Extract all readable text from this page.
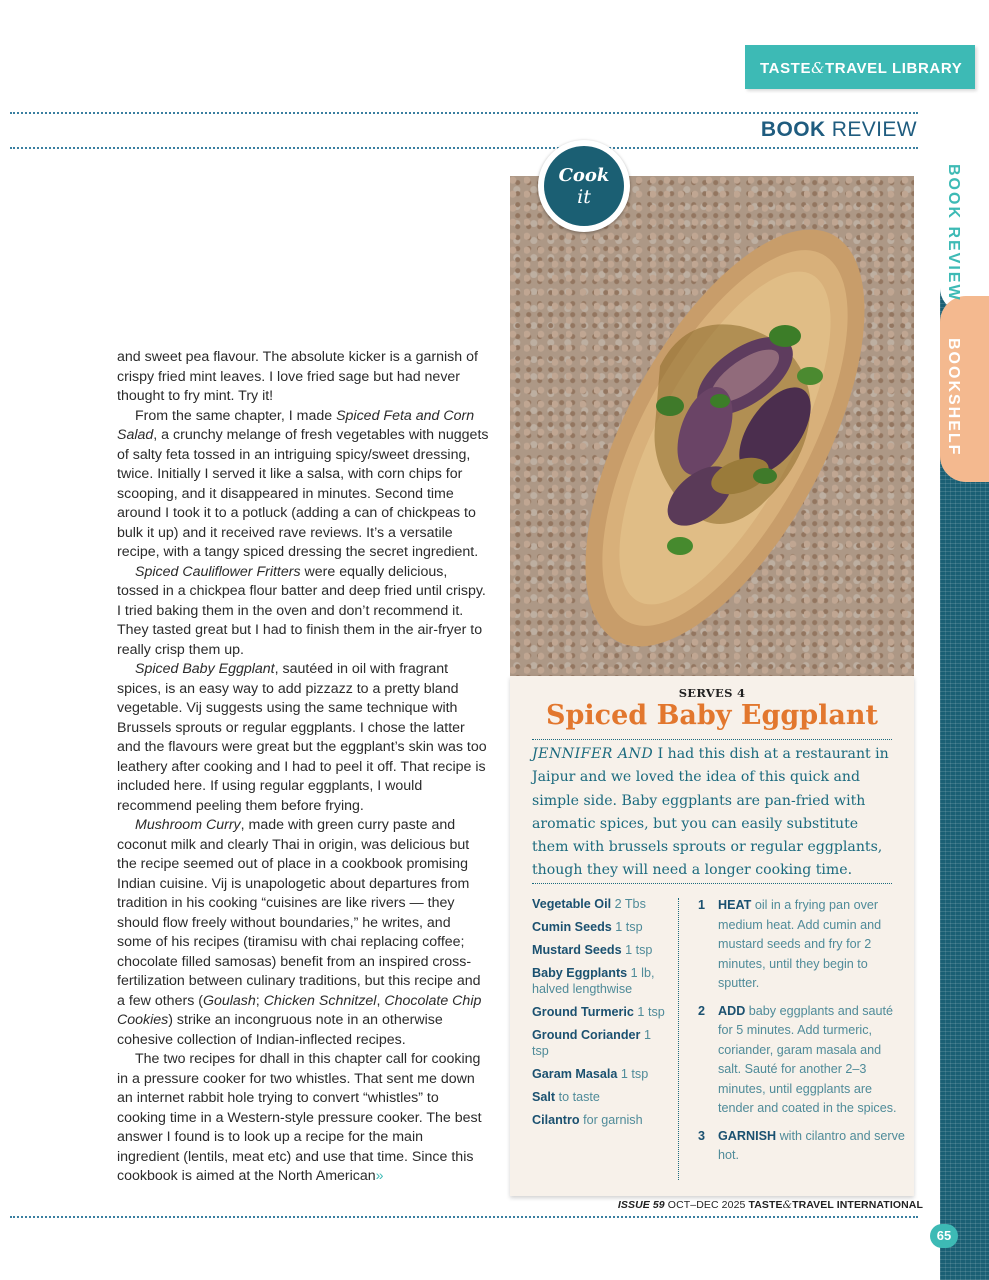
TASTE&TRAVEL LIBRARY
BOOK REVIEW
BOOK REVIEW
BOOKSHELF

and sweet pea flavour. The absolute kicker is a garnish of crispy fried mint leaves. I love fried sage but had never thought to fry mint. Try it!

From the same chapter, I made Spiced Feta and Corn Salad, a crunchy melange of fresh vegetables with nuggets of salty feta tossed in an intriguing spicy/sweet dressing, twice. Initially I served it like a salsa, with corn chips for scooping, and it disappeared in minutes. Second time around I took it to a potluck (adding a can of chickpeas to bulk it up) and it received rave reviews. It’s a versatile recipe, with a tangy spiced dressing the secret ingredient.

Spiced Cauliflower Fritters were equally delicious, tossed in a chickpea flour batter and deep fried until crispy. I tried baking them in the oven and don’t recommend it. They tasted great but I had to finish them in the air-fryer to really crisp them up.

Spiced Baby Eggplant, sautéed in oil with fragrant spices, is an easy way to add pizzazz to a pretty bland vegetable. Vij suggests using the same technique with Brussels sprouts or regular eggplants. I chose the latter and the flavours were great but the eggplant’s skin was too leathery after cooking and I had to peel it off. That recipe is included here. If using regular eggplants, I would recommend peeling them before frying.

Mushroom Curry, made with green curry paste and coconut milk and clearly Thai in origin, was delicious but the recipe seemed out of place in a cookbook promising Indian cuisine. Vij is unapologetic about departures from tradition in his cooking “cuisines are like rivers — they should flow freely without boundaries,” he writes, and some of his recipes (tiramisu with chai replacing coffee; chocolate filled samosas) benefit from an inspired cross-fertilization between culinary traditions, but this recipe and a few others (Goulash; Chicken Schnitzel, Chocolate Chip Cookies) strike an incongruous note in an otherwise cohesive collection of Indian-inflected recipes.

The two recipes for dhall in this chapter call for cooking in a pressure cooker for two whistles. That sent me down an internet rabbit hole trying to convert “whistles” to cooking time in a Western-style pressure cooker. The best answer I found is to look up a recipe for the main ingredient (lentils, meat etc) and use that time. Since this cookbook is aimed at the North American»

Cook
it
SERVES 4
Spiced Baby Eggplant

JENNIFER AND I had this dish at a restaurant in Jaipur and we loved the idea of this quick and simple side. Baby eggplants are pan-fried with aromatic spices, but you can easily substitute them with brussels sprouts or regular eggplants, though they will need a longer cooking time.

Vegetable Oil 2 Tbs
Cumin Seeds 1 tsp
Mustard Seeds 1 tsp
Baby Eggplants 1 lb, halved lengthwise
Ground Turmeric 1 tsp
Ground Coriander 1 tsp
Garam Masala 1 tsp
Salt to taste
Cilantro for garnish
1 HEAT oil in a frying pan over medium heat. Add cumin and mustard seeds and fry for 2 minutes, until they begin to sputter.
2 ADD baby eggplants and sauté for 5 minutes. Add turmeric, coriander, garam masala and salt. Sauté for another 2–3 minutes, until eggplants are tender and coated in the spices.
3 GARNISH with cilantro and serve hot.
ISSUE 59 OCT–DEC 2025 TASTE&TRAVEL INTERNATIONAL
65
